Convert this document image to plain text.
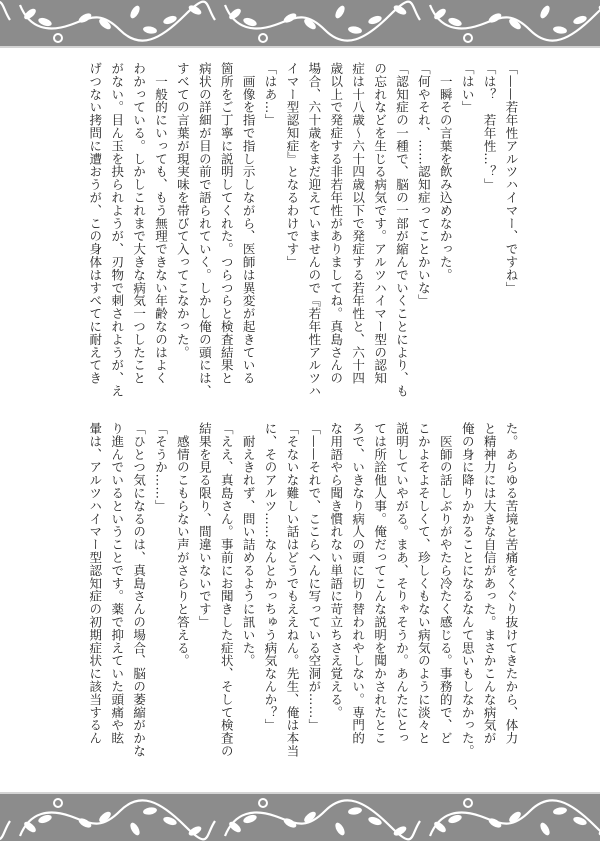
「——若年性アルツハイマー、ですね」
「は？　若年性…？」
「はい」
　一瞬その言葉を飲み込めなかった。
「何やそれ、……認知症ってことかいな」
「認知症の一種で、脳の一部が縮んでいくことにより、も
の忘れなどを生じる病気です。アルツハイマー型の認知
症は十八歳～六十四歳以下で発症する若年性と、六十四
歳以上で発症する非若年性がありましてね。真島さんの
場合、六十歳をまだ迎えていませんので『若年性アルツハ
イマー型認知症』となるわけです」
「はあ…」
　画像を指で指し示しながら、医師は異変が起きている
箇所をご丁寧に説明してくれた。つらつらと検査結果と
病状の詳細が目の前で語られていく。しかし俺の頭には、
すべての言葉が現実味を帯びて入ってこなかった。
　一般的にいっても、もう無理できない年齢なのはよく
わかっている。しかしこれまで大きな病気一つしたこと
がない。目ん玉を抉られようが、刃物で刺されようが、え
げつない拷問に遭おうが、この身体はすべてに耐えてき
た。あらゆる苦境と苦痛をくぐり抜けてきたから、体力
と精神力には大きな自信があった。まさかこんな病気が
俺の身に降りかかることになるなんて思いもしなかった。
　医師の話しぶりがやたら冷たく感じる。事務的で、ど
こかよそよそしくて、珍しくもない病気のように淡々と
説明していやがる。まあ、そりゃそうか。あんたにとっ
ては所詮他人事。俺だってこんな説明を聞かされたとこ
ろで、いきなり病人の頭に切り替われやしない。専門的
な用語やら聞き慣れない単語に苛立ちさえ覚える。
「——それで、ここらへんに写っている空洞が……」
「そないな難しい話はどうでもええねん。先生、俺は本当
に、そのアルツ……なんとかっちゅう病気なんか？」
　耐えきれず、問い詰めるように訊いた。
「ええ、真島さん。事前にお聞きした症状、そして検査の
結果を見る限り、間違いないです」
　感情のこもらない声がさらりと答える。
「そうか……」
「ひとつ気になるのは、真島さんの場合、脳の萎縮がかな
り進んでいるということです。薬で抑えていた頭痛や眩
暈は、アルツハイマー型認知症の初期症状に該当するん
